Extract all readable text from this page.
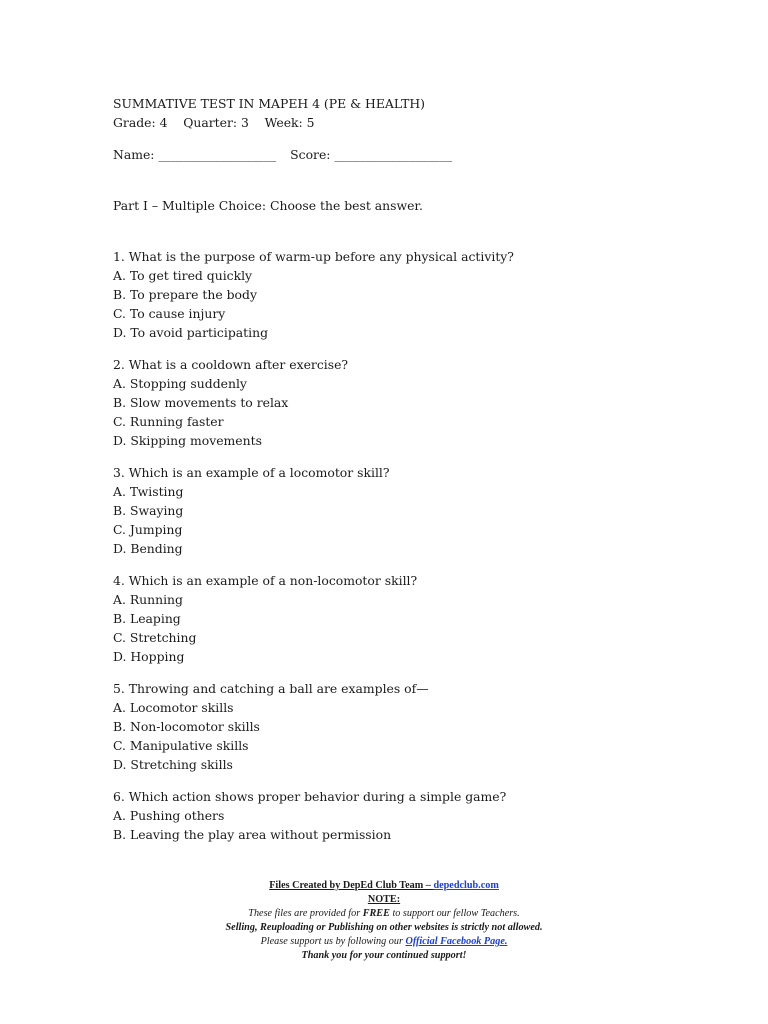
SUMMATIVE TEST IN MAPEH 4 (PE & HEALTH)
Grade: 4    Quarter: 3    Week: 5
Name: ___________________ Score: ___________________
Part I – Multiple Choice: Choose the best answer.
1. What is the purpose of warm-up before any physical activity?
A. To get tired quickly
B. To prepare the body
C. To cause injury
D. To avoid participating
2. What is a cooldown after exercise?
A. Stopping suddenly
B. Slow movements to relax
C. Running faster
D. Skipping movements
3. Which is an example of a locomotor skill?
A. Twisting
B. Swaying
C. Jumping
D. Bending
4. Which is an example of a non-locomotor skill?
A. Running
B. Leaping
C. Stretching
D. Hopping
5. Throwing and catching a ball are examples of—
A. Locomotor skills
B. Non-locomotor skills
C. Manipulative skills
D. Stretching skills
6. Which action shows proper behavior during a simple game?
A. Pushing others
B. Leaving the play area without permission
Files Created by DepEd Club Team – depedclub.com
NOTE:
These files are provided for FREE to support our fellow Teachers.
Selling, Reuploading or Publishing on other websites is strictly not allowed.
Please support us by following our Official Facebook Page.
Thank you for your continued support!
